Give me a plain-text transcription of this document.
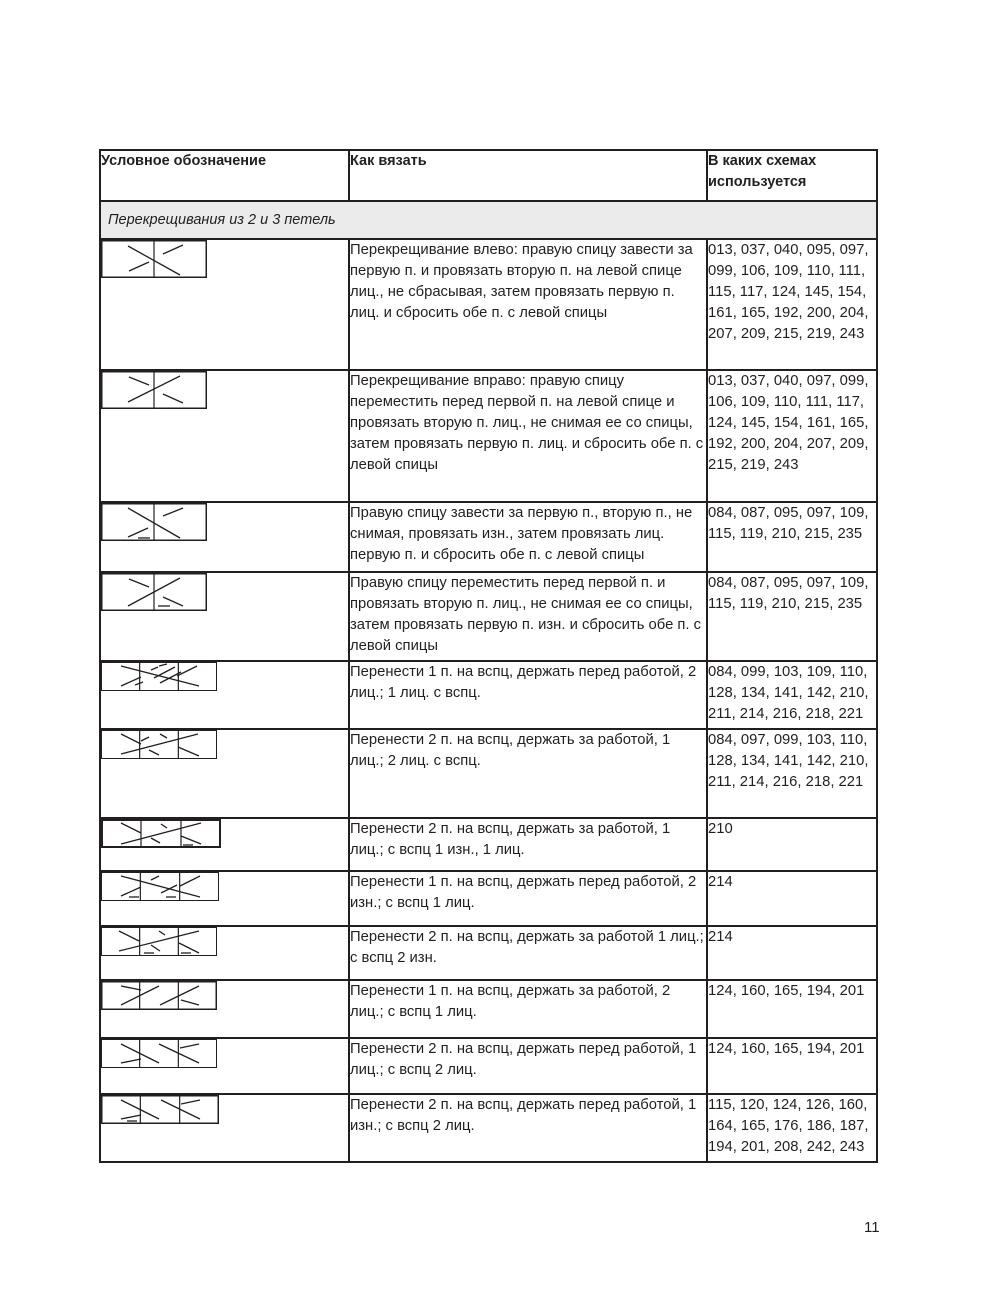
Условное обозначение	Как вязать	В каких схемах используется
Перекрещивания из 2 и 3 петель		

	Перекрещивание влево: правую спицу завести за первую п. и провязать вторую п. на левой спице лиц., не сбрасывая, затем провязать первую п. лиц. и сбросить обе п. с левой спицы	013, 037, 040, 095, 097, 099, 106, 109, 110, 111, 115, 117, 124, 145, 154, 161, 165, 192, 200, 204, 207, 209, 215, 219, 243

	Перекрещивание вправо: правую спицу переместить перед первой п. на левой спице и провязать вторую п. лиц., не снимая ее со спицы, затем провязать первую п. лиц. и сбросить обе п. с левой спицы	013, 037, 040, 097, 099, 106, 109, 110, 111, 117, 124, 145, 154, 161, 165, 192, 200, 204, 207, 209, 215, 219, 243

	Правую спицу завести за первую п., вторую п., не снимая, провязать изн., затем провязать лиц. первую п. и сбросить обе п. с левой спицы	084, 087, 095, 097, 109, 115, 119, 210, 215, 235

	Правую спицу переместить перед первой п. и провязать вторую п. лиц., не снимая ее со спицы, затем провязать первую п. изн. и сбросить обе п. с левой спицы	084, 087, 095, 097, 109, 115, 119, 210, 215, 235

	Перенести 1 п. на вспц, держать перед работой, 2 лиц.; 1 лиц. с вспц.	084, 099, 103, 109, 110, 128, 134, 141, 142, 210, 211, 214, 216, 218, 221

	Перенести 2 п. на вспц, держать за работой, 1 лиц.; 2 лиц. с вспц.	084, 097, 099, 103, 110, 128, 134, 141, 142, 210, 211, 214, 216, 218, 221

	Перенести 2 п. на вспц, держать за работой, 1 лиц.; с вспц 1 изн., 1 лиц.	210

	Перенести 1 п. на вспц, держать перед работой, 2 изн.; с вспц 1 лиц.	214

	Перенести 2 п. на вспц, держать за работой 1 лиц.; с вспц 2 изн.	214

	Перенести 1 п. на вспц, держать за работой, 2 лиц.; с вспц 1 лиц.	124, 160, 165, 194, 201

	Перенести 2 п. на вспц, держать перед работой, 1 лиц.; с вспц 2 лиц.	124, 160, 165, 194, 201

	Перенести 2 п. на вспц, держать перед работой, 1 изн.; с вспц 2 лиц.	115, 120, 124, 126, 160, 164, 165, 176, 186, 187, 194, 201, 208, 242, 243
11
